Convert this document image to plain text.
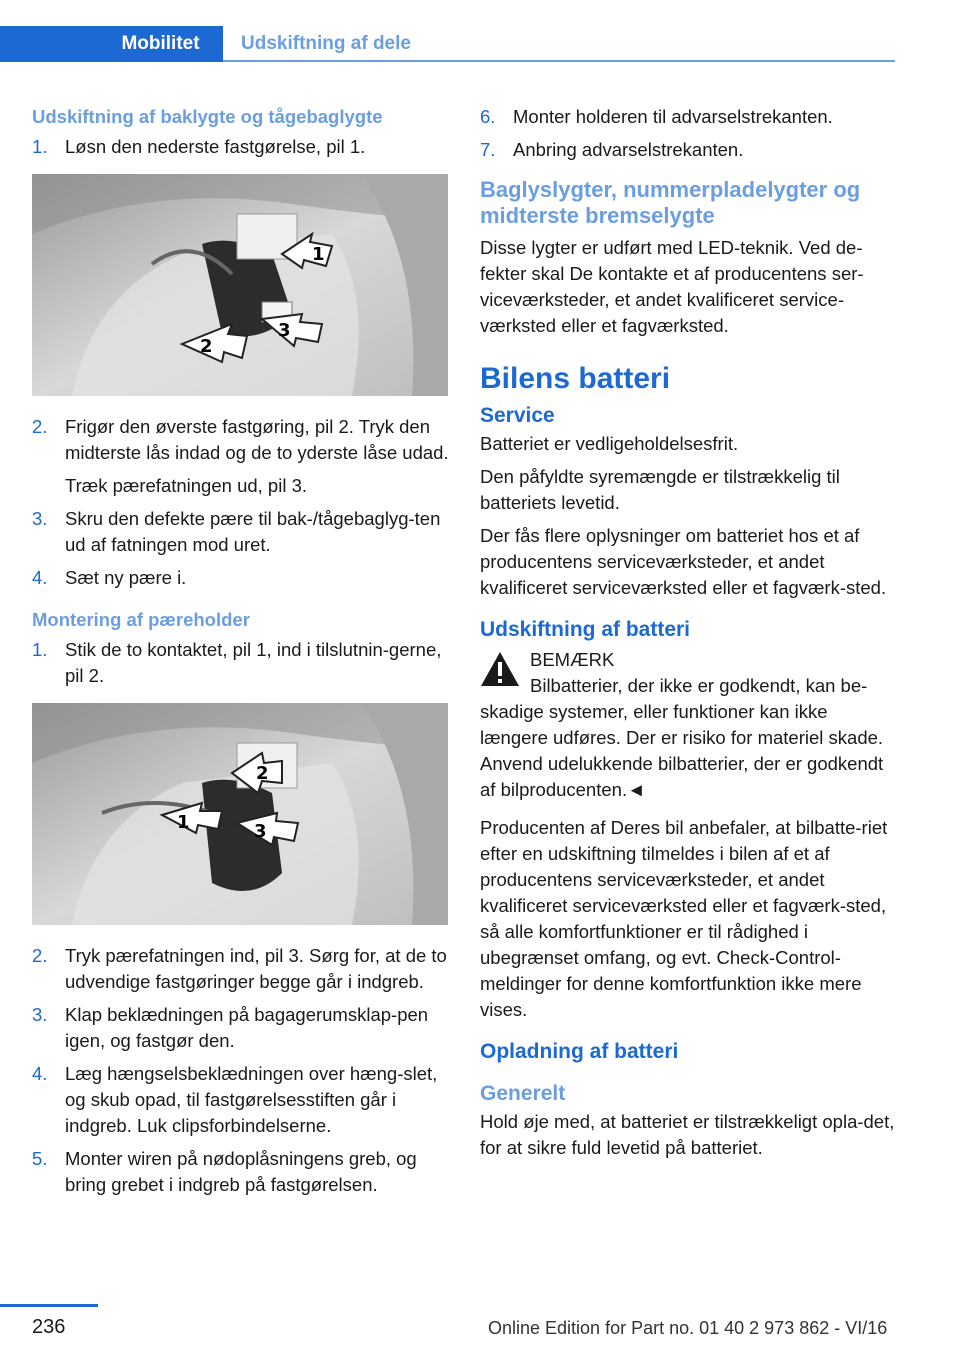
Mobilitet	Udskiftning af dele
Udskiftning af baklygte og tågebaglygte
1. Løsn den nederste fastgørelse, pil 1.
1
2
3
2. Frigør den øverste fastgøring, pil 2. Tryk den midterste lås indad og de to yderste låse udad.
Træk pærefatningen ud, pil 3.
3. Skru den defekte pære til bak-/tågebaglyg-ten ud af fatningen mod uret.
4. Sæt ny pære i.
Montering af pæreholder
1. Stik de to kontaktet, pil 1, ind i tilslutnin-gerne, pil 2.
1
2
3
2. Tryk pærefatningen ind, pil 3. Sørg for, at de to udvendige fastgøringer begge går i indgreb.
3. Klap beklædningen på bagagerumsklap-pen igen, og fastgør den.
4. Læg hængselsbeklædningen over hæng-slet, og skub opad, til fastgørelsesstiften går i indgreb. Luk clipsforbindelserne.
5. Monter wiren på nødoplåsningens greb, og bring grebet i indgreb på fastgørelsen.
6. Monter holderen til advarselstrekanten.
7. Anbring advarselstrekanten.
Baglyslygter, nummerpladelygter og midterste bremselygte
Disse lygter er udført med LED-teknik. Ved de-fekter skal De kontakte et af producentens ser-viceværksteder, et andet kvalificeret service-værksted eller et fagværksted.
Bilens batteri
Service
Batteriet er vedligeholdelsesfrit.
Den påfyldte syremængde er tilstrækkelig til batteriets levetid.
Der fås flere oplysninger om batteriet hos et af producentens serviceværksteder, et andet kvalificeret serviceværksted eller et fagværk-sted.
Udskiftning af batteri
BEMÆRK
Bilbatterier, der ikke er godkendt, kan be-
skadige systemer, eller funktioner kan ikke længere udføres. Der er risiko for materiel skade. Anvend udelukkende bilbatterier, der er godkendt af bilproducenten.◄
Producenten af Deres bil anbefaler, at bilbatte-riet efter en udskiftning tilmeldes i bilen af et af producentens serviceværksteder, et andet kvalificeret serviceværksted eller et fagværk-sted, så alle komfortfunktioner er til rådighed i ubegrænset omfang, og evt. Check-Control-meldinger for denne komfortfunktion ikke mere vises.
Opladning af batteri
Generelt
Hold øje med, at batteriet er tilstrækkeligt opla-det, for at sikre fuld levetid på batteriet.
236	Online Edition for Part no. 01 40 2 973 862 - VI/16
